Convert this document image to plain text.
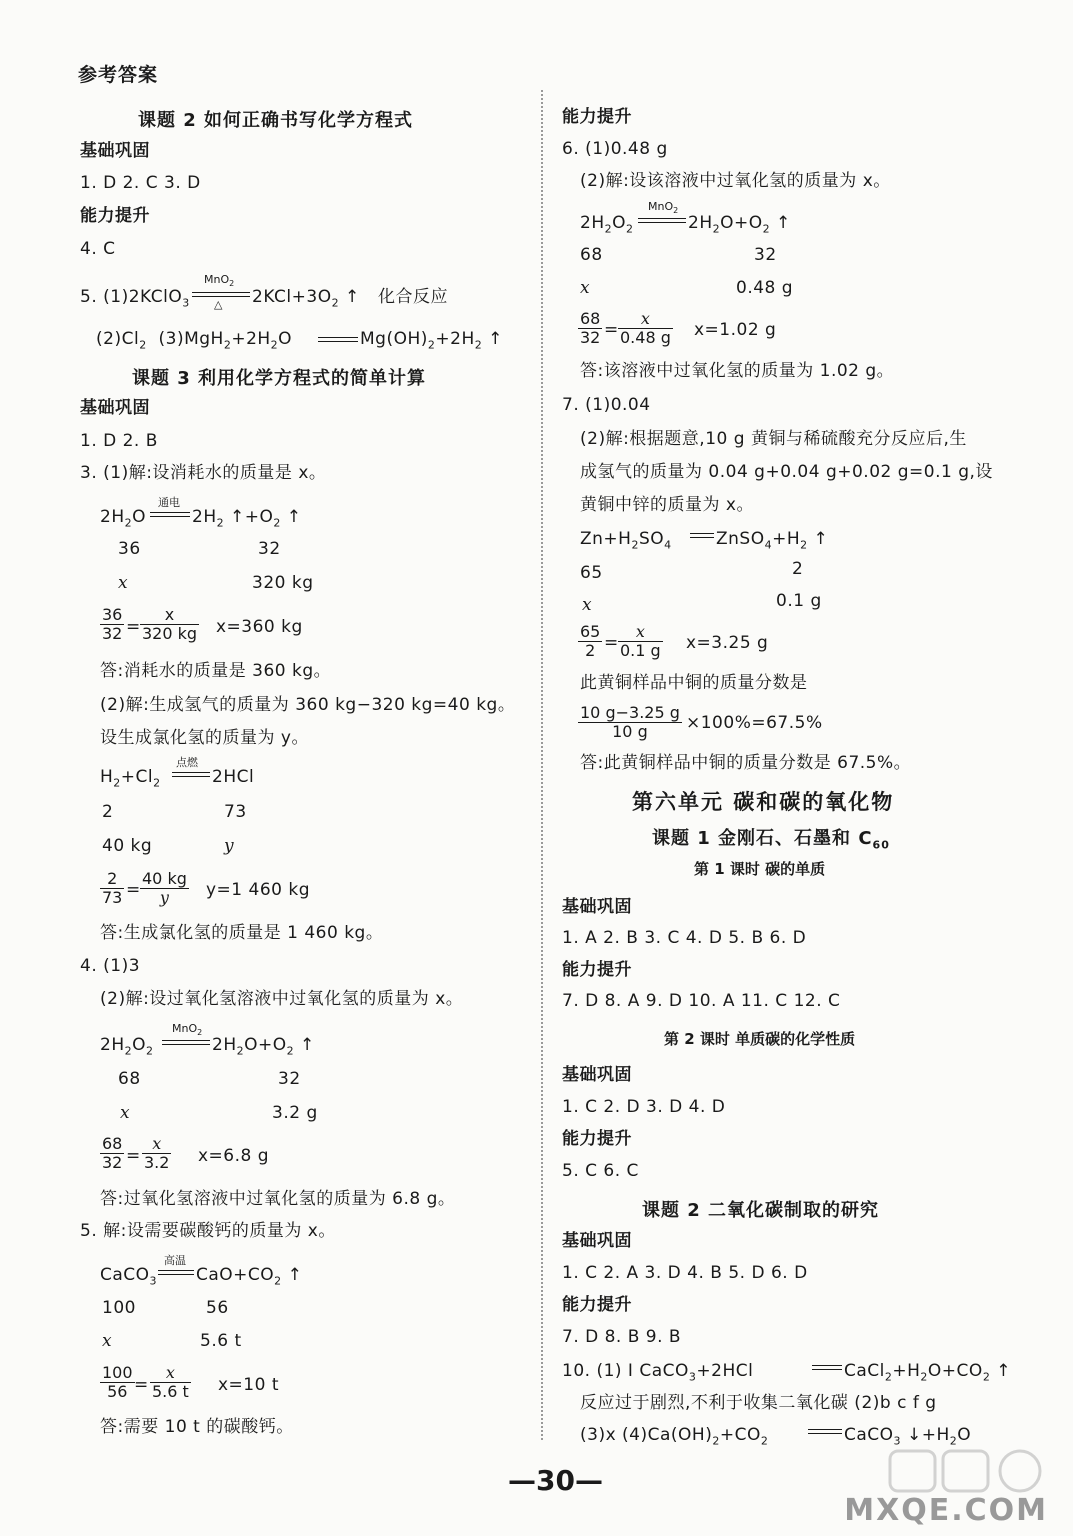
参考答案
课题 2 如何正确书写化学方程式
基础巩固
1. D 2. C 3. D
能力提升
4. C
5. (1)2KClO$_3$
MnO$_2$
△ $2KCl+3O_2$ ↑ 化合反应
$(2)Cl_2$ $(3)MgH_2+2H_2O$	$Mg(OH)_2+2H_2$ ↑
课题 3 利用化学方程式的简单计算
基础巩固
1. D 2. B
3. (1)解:设消耗水的质量是 x。
$2H_2O$
通电
$2H_2$ $↑+O_2$ ↑
36	32
x	320 kg
$\frac{36}{32} = \frac{x}{320 kg} x=360$ kg
答:消耗水的质量是 360 kg。
(2)解:生成氢气的质量为 360 kg−320 kg=40 kg。
设生成氯化氢的质量为 y。
$H_2+Cl_2$
点燃
2HCl
2	73
40 kg	y
$\frac{2}{73} = \frac{40 kg}{y} y=1$ 460 kg
答:生成氯化氢的质量是 1 460 kg。
4. (1)3
(2)解:设过氧化氢溶液中过氧化氢的质量为 x。
$2H_2O_2$
MnO$_2$
$2H_2O+O_2$ ↑
68	32
x	3.2 g
$\frac{68}{32} = \frac{x}{3.2} x=6.8$ g
答:过氧化氢溶液中过氧化氢的质量为 6.8 g。
5. 解:设需要碳酸钙的质量为 x。
CaCO$_3$
高温
$CaO+CO_2$ ↑
100	56
x	5.6 t
$\frac{100}{56} = \frac{x}{5.6 t} x=10$ t
答:需要 10 t 的碳酸钙。
能力提升
6. (1)0.48 g
(2)解:设该溶液中过氧化氢的质量为 x。
$2H_2O_2$
MnO$_2$
$2H_2O+O_2$ ↑
68	32
x	0.48 g
$\frac{68}{32} = \frac{x}{0.48 g} x=1.02$ g
答:该溶液中过氧化氢的质量为 1.02 g。
7. (1)0.04
(2)解:根据题意,10 g 黄铜与稀硫酸充分反应后,生
成氢气的质量为 0.04 g+0.04 g+0.02 g=0.1 g,设
黄铜中锌的质量为 x。
$Zn+H_2SO_4$	$ZnSO_4+H_2$ ↑
65	2
x	0.1 g
$\frac{65}{2} = \frac{x}{0.1 g} x=3.25$ g
此黄铜样品中铜的质量分数是
$\frac{10 g-3.25 g}{10 g} \times 100\%=67.5\%$
答:此黄铜样品中铜的质量分数是 67.5%。
第六单元 碳和碳的氧化物
课题 1 金刚石、石墨和 $C_{60}$
第 1 课时 碳的单质
基础巩固
1. A 2. B 3. C 4. D 5. B 6. D
能力提升
7. D 8. A 9. D 10. A 11. C 12. C
第 2 课时 单质碳的化学性质
基础巩固
1. C 2. D 3. D 4. D
能力提升
5. C 6. C
课题 2 二氧化碳制取的研究
基础巩固
1. C 2. A 3. D 4. B 5. D 6. D
能力提升
7. D 8. B 9. B
10. (1) Ⅰ CaCO$_3$+2HCl	$CaCl_2+H_2O+CO_2$ ↑
反应过于剧烈,不利于收集二氧化碳 (2)b c f g
(3)x $(4)Ca(OH)_2+CO_2$	CaCO$_3$ $↓+H_2O$
—30—
MXQE.COM
